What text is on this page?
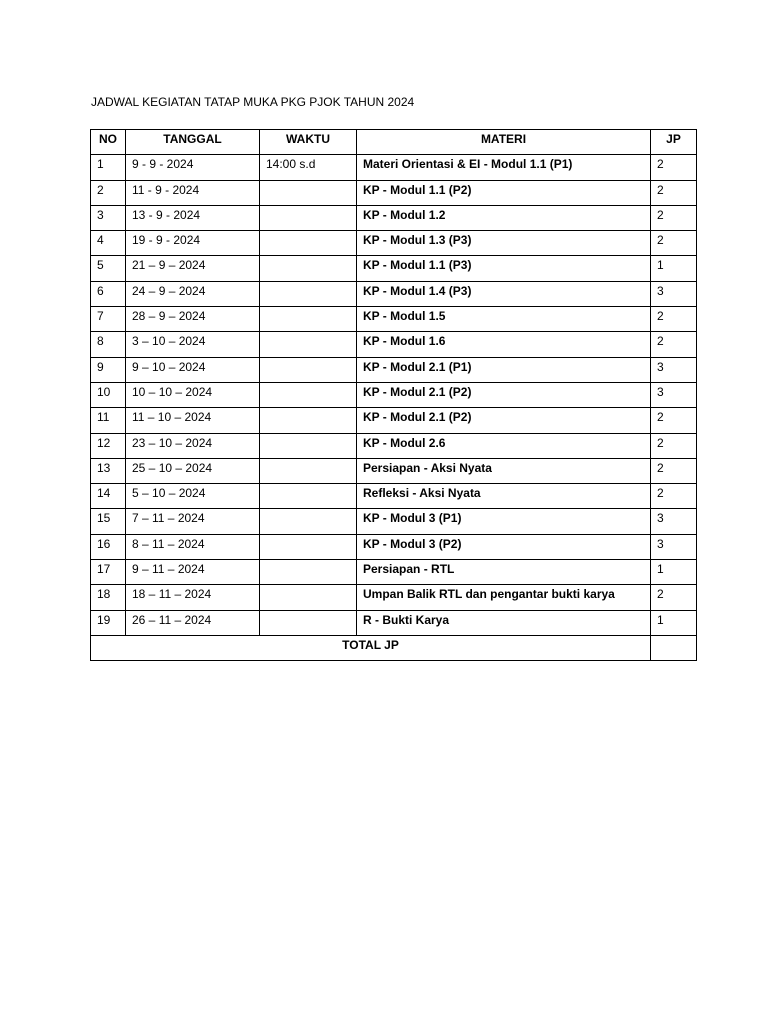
JADWAL KEGIATAN TATAP MUKA PKG PJOK TAHUN 2024
NO	TANGGAL	WAKTU	MATERI	JP
1	9 - 9 - 2024	14:00 s.d	Materi Orientasi & EI - Modul 1.1 (P1)	2
2	11 - 9 - 2024		KP - Modul 1.1 (P2)	2
3	13 - 9 - 2024		KP - Modul 1.2	2
4	19 - 9 - 2024		KP - Modul 1.3 (P3)	2
5	21 – 9 – 2024		KP - Modul 1.1 (P3)	1
6	24 – 9 – 2024		KP - Modul 1.4 (P3)	3
7	28 – 9 – 2024		KP - Modul 1.5	2
8	3 – 10 – 2024		KP - Modul 1.6	2
9	9 – 10 – 2024		KP - Modul 2.1 (P1)	3
10	10 – 10 – 2024		KP - Modul 2.1 (P2)	3
11	11 – 10 – 2024		KP - Modul 2.1 (P2)	2
12	23 – 10 – 2024		KP - Modul 2.6	2
13	25 – 10 – 2024		Persiapan - Aksi Nyata	2
14	5 – 10 – 2024		Refleksi - Aksi Nyata	2
15	7 – 11 – 2024		KP - Modul 3 (P1)	3
16	8 – 11 – 2024		KP - Modul 3 (P2)	3
17	9 – 11 – 2024		Persiapan - RTL	1
18	18 – 11 – 2024		Umpan Balik RTL dan pengantar bukti karya	2
19	26 – 11 – 2024		R - Bukti Karya	1
TOTAL JP				
